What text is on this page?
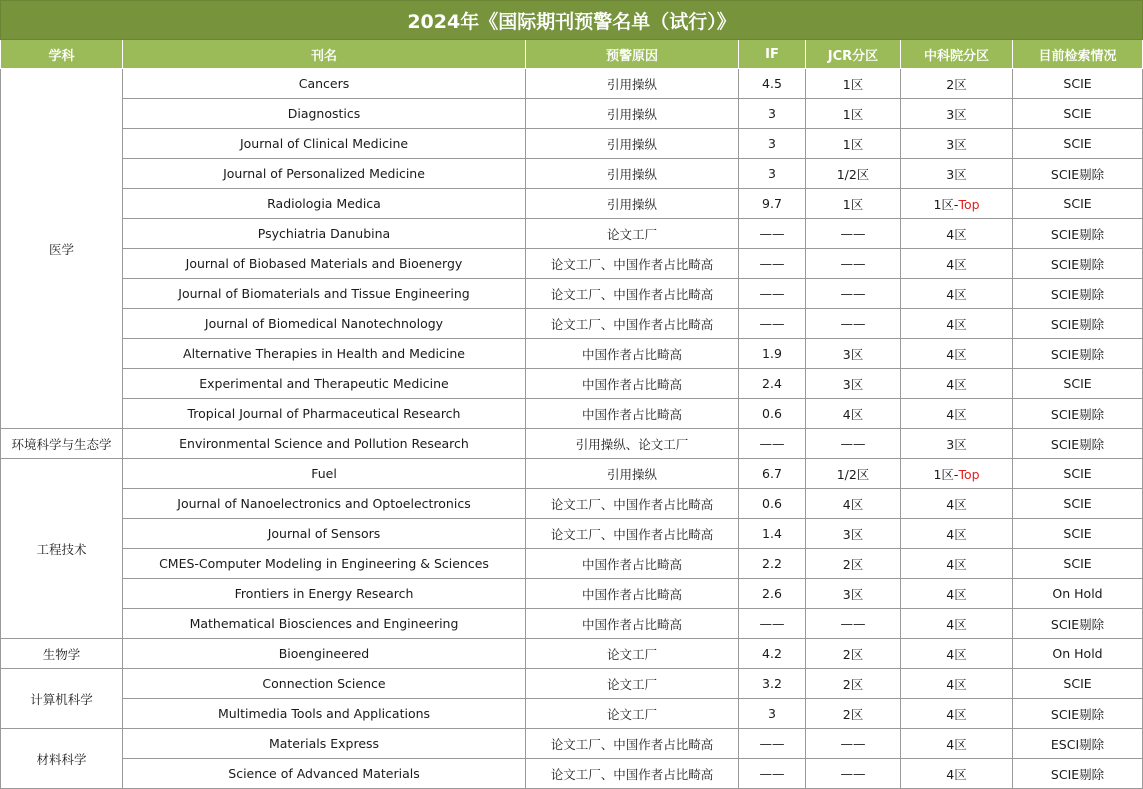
2024年《国际期刊预警名单（试行）》						
学科	刊名	预警原因	IF	JCR分区	中科院分区	目前检索情况
医学	Cancers	引用操纵	4.5	1区	2区	SCIE
	Diagnostics	引用操纵	3	1区	3区	SCIE
	Journal of Clinical Medicine	引用操纵	3	1区	3区	SCIE
	Journal of Personalized Medicine	引用操纵	3	1/2区	3区	SCIE剔除
	Radiologia Medica	引用操纵	9.7	1区	1区-Top	SCIE
	Psychiatria Danubina	论文工厂	——	——	4区	SCIE剔除
	Journal of Biobased Materials and Bioenergy	论文工厂、中国作者占比畸高	——	——	4区	SCIE剔除
	Journal of Biomaterials and Tissue Engineering	论文工厂、中国作者占比畸高	——	——	4区	SCIE剔除
	Journal of Biomedical Nanotechnology	论文工厂、中国作者占比畸高	——	——	4区	SCIE剔除
	Alternative Therapies in Health and Medicine	中国作者占比畸高	1.9	3区	4区	SCIE剔除
	Experimental and Therapeutic Medicine	中国作者占比畸高	2.4	3区	4区	SCIE
	Tropical Journal of Pharmaceutical Research	中国作者占比畸高	0.6	4区	4区	SCIE剔除
环境科学与生态学	Environmental Science and Pollution Research	引用操纵、论文工厂	——	——	3区	SCIE剔除
工程技术	Fuel	引用操纵	6.7	1/2区	1区-Top	SCIE
	Journal of Nanoelectronics and Optoelectronics	论文工厂、中国作者占比畸高	0.6	4区	4区	SCIE
	Journal of Sensors	论文工厂、中国作者占比畸高	1.4	3区	4区	SCIE
	CMES-Computer Modeling in Engineering & Sciences	中国作者占比畸高	2.2	2区	4区	SCIE
	Frontiers in Energy Research	中国作者占比畸高	2.6	3区	4区	On Hold
	Mathematical Biosciences and Engineering	中国作者占比畸高	——	——	4区	SCIE剔除
生物学	Bioengineered	论文工厂	4.2	2区	4区	On Hold
计算机科学	Connection Science	论文工厂	3.2	2区	4区	SCIE
	Multimedia Tools and Applications	论文工厂	3	2区	4区	SCIE剔除
材料科学	Materials Express	论文工厂、中国作者占比畸高	——	——	4区	ESCI剔除
	Science of Advanced Materials	论文工厂、中国作者占比畸高	——	——	4区	SCIE剔除
